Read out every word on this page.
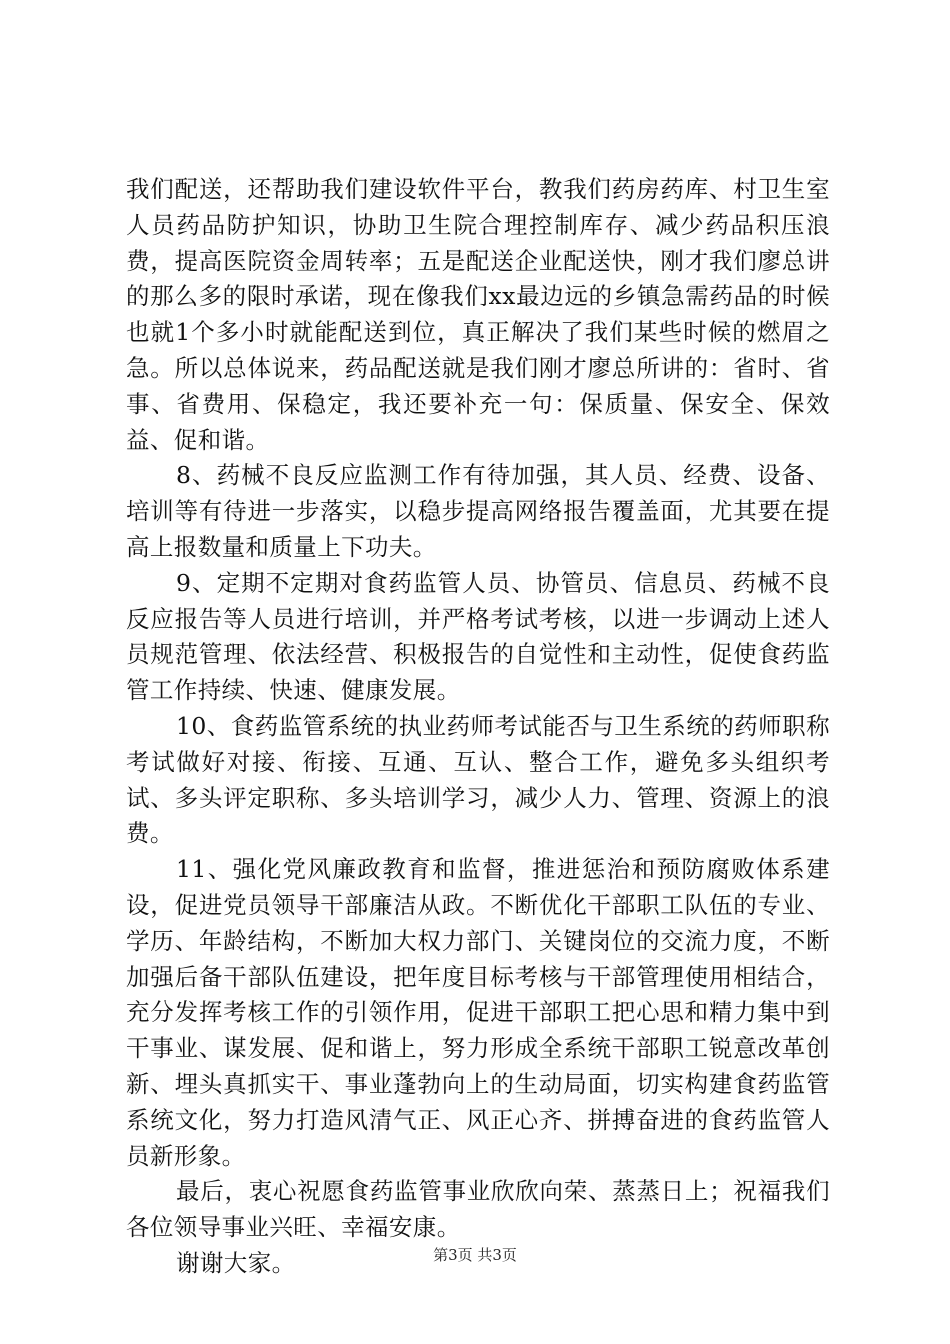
我们配送，还帮助我们建设软件平台，教我们药房药库、村卫生室人员药品防护知识，协助卫生院合理控制库存、减少药品积压浪费，提高医院资金周转率；五是配送企业配送快，刚才我们廖总讲的那么多的限时承诺，现在像我们xx最边远的乡镇急需药品的时候也就1个多小时就能配送到位，真正解决了我们某些时候的燃眉之急。所以总体说来，药品配送就是我们刚才廖总所讲的：省时、省事、省费用、保稳定，我还要补充一句：保质量、保安全、保效益、促和谐。

8、药械不良反应监测工作有待加强，其人员、经费、设备、培训等有待进一步落实，以稳步提高网络报告覆盖面，尤其要在提高上报数量和质量上下功夫。

9、定期不定期对食药监管人员、协管员、信息员、药械不良反应报告等人员进行培训，并严格考试考核，以进一步调动上述人员规范管理、依法经营、积极报告的自觉性和主动性，促使食药监管工作持续、快速、健康发展。

10、食药监管系统的执业药师考试能否与卫生系统的药师职称考试做好对接、衔接、互通、互认、整合工作，避免多头组织考试、多头评定职称、多头培训学习，减少人力、管理、资源上的浪费。

11、强化党风廉政教育和监督，推进惩治和预防腐败体系建设，促进党员领导干部廉洁从政。不断优化干部职工队伍的专业、学历、年龄结构，不断加大权力部门、关键岗位的交流力度，不断加强后备干部队伍建设，把年度目标考核与干部管理使用相结合，充分发挥考核工作的引领作用，促进干部职工把心思和精力集中到干事业、谋发展、促和谐上，努力形成全系统干部职工锐意改革创新、埋头真抓实干、事业蓬勃向上的生动局面，切实构建食药监管系统文化，努力打造风清气正、风正心齐、拼搏奋进的食药监管人员新形象。

最后，衷心祝愿食药监管事业欣欣向荣、蒸蒸日上；祝福我们各位领导事业兴旺、幸福安康。

谢谢大家。	第3页 共3页
